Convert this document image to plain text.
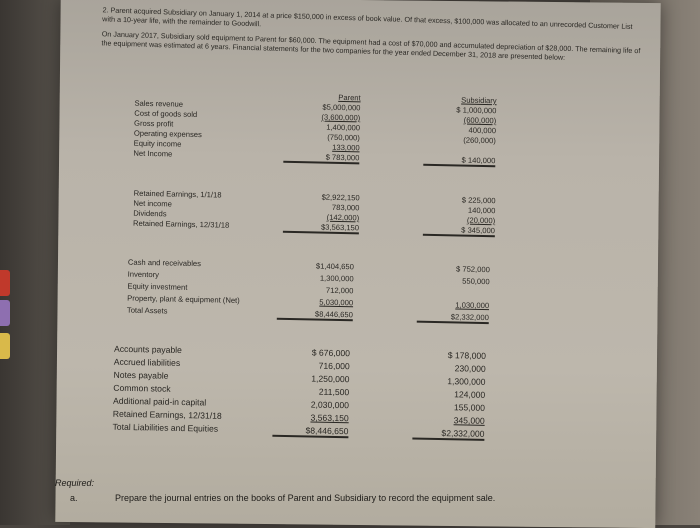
2. Parent acquired Subsidiary on January 1, 2014 at a price $150,000 in excess of book value. Of that excess, $100,000 was allocated to an unrecorded Customer List with a 10-year life, with the remainder to Goodwill.

On January 2017, Subsidiary sold equipment to Parent for $60,000. The equipment had a cost of $70,000 and accumulated depreciation of $28,000. The remaining life of the equipment was estimated at 6 years. Financial statements for the two companies for the year ended December 31, 2018 are presented below:

Parent	Subsidiary
Sales revenue	$5,000,000	$ 1,000,000
Cost of goods sold	(3,600,000)	(600,000)
Gross profit	1,400,000	400,000
Operating expenses	(750,000)	(260,000)
Equity income	133,000
Net Income	$ 783,000	$ 140,000
Retained Earnings, 1/1/18	$2,922,150	$ 225,000
Net income	783,000	140,000
Dividends	(142,000)	(20,000)
Retained Earnings, 12/31/18	$3,563,150	$ 345,000
Cash and receivables	$1,404,650	$ 752,000
Inventory	1,300,000	550,000
Equity investment	712,000
Property, plant & equipment (Net)	5,030,000	1,030,000
Total Assets	$8,446,650	$2,332,000
Accounts payable	$ 676,000	$ 178,000
Accrued liabilities	716,000	230,000
Notes payable	1,250,000	1,300,000
Common stock	211,500	124,000
Additional paid-in capital	2,030,000	155,000
Retained Earnings, 12/31/18	3,563,150	345,000
Total Liabilities and Equities	$8,446,650	$2,332,000
Required:
a.	Prepare the journal entries on the books of Parent and Subsidiary to record the equipment sale.
